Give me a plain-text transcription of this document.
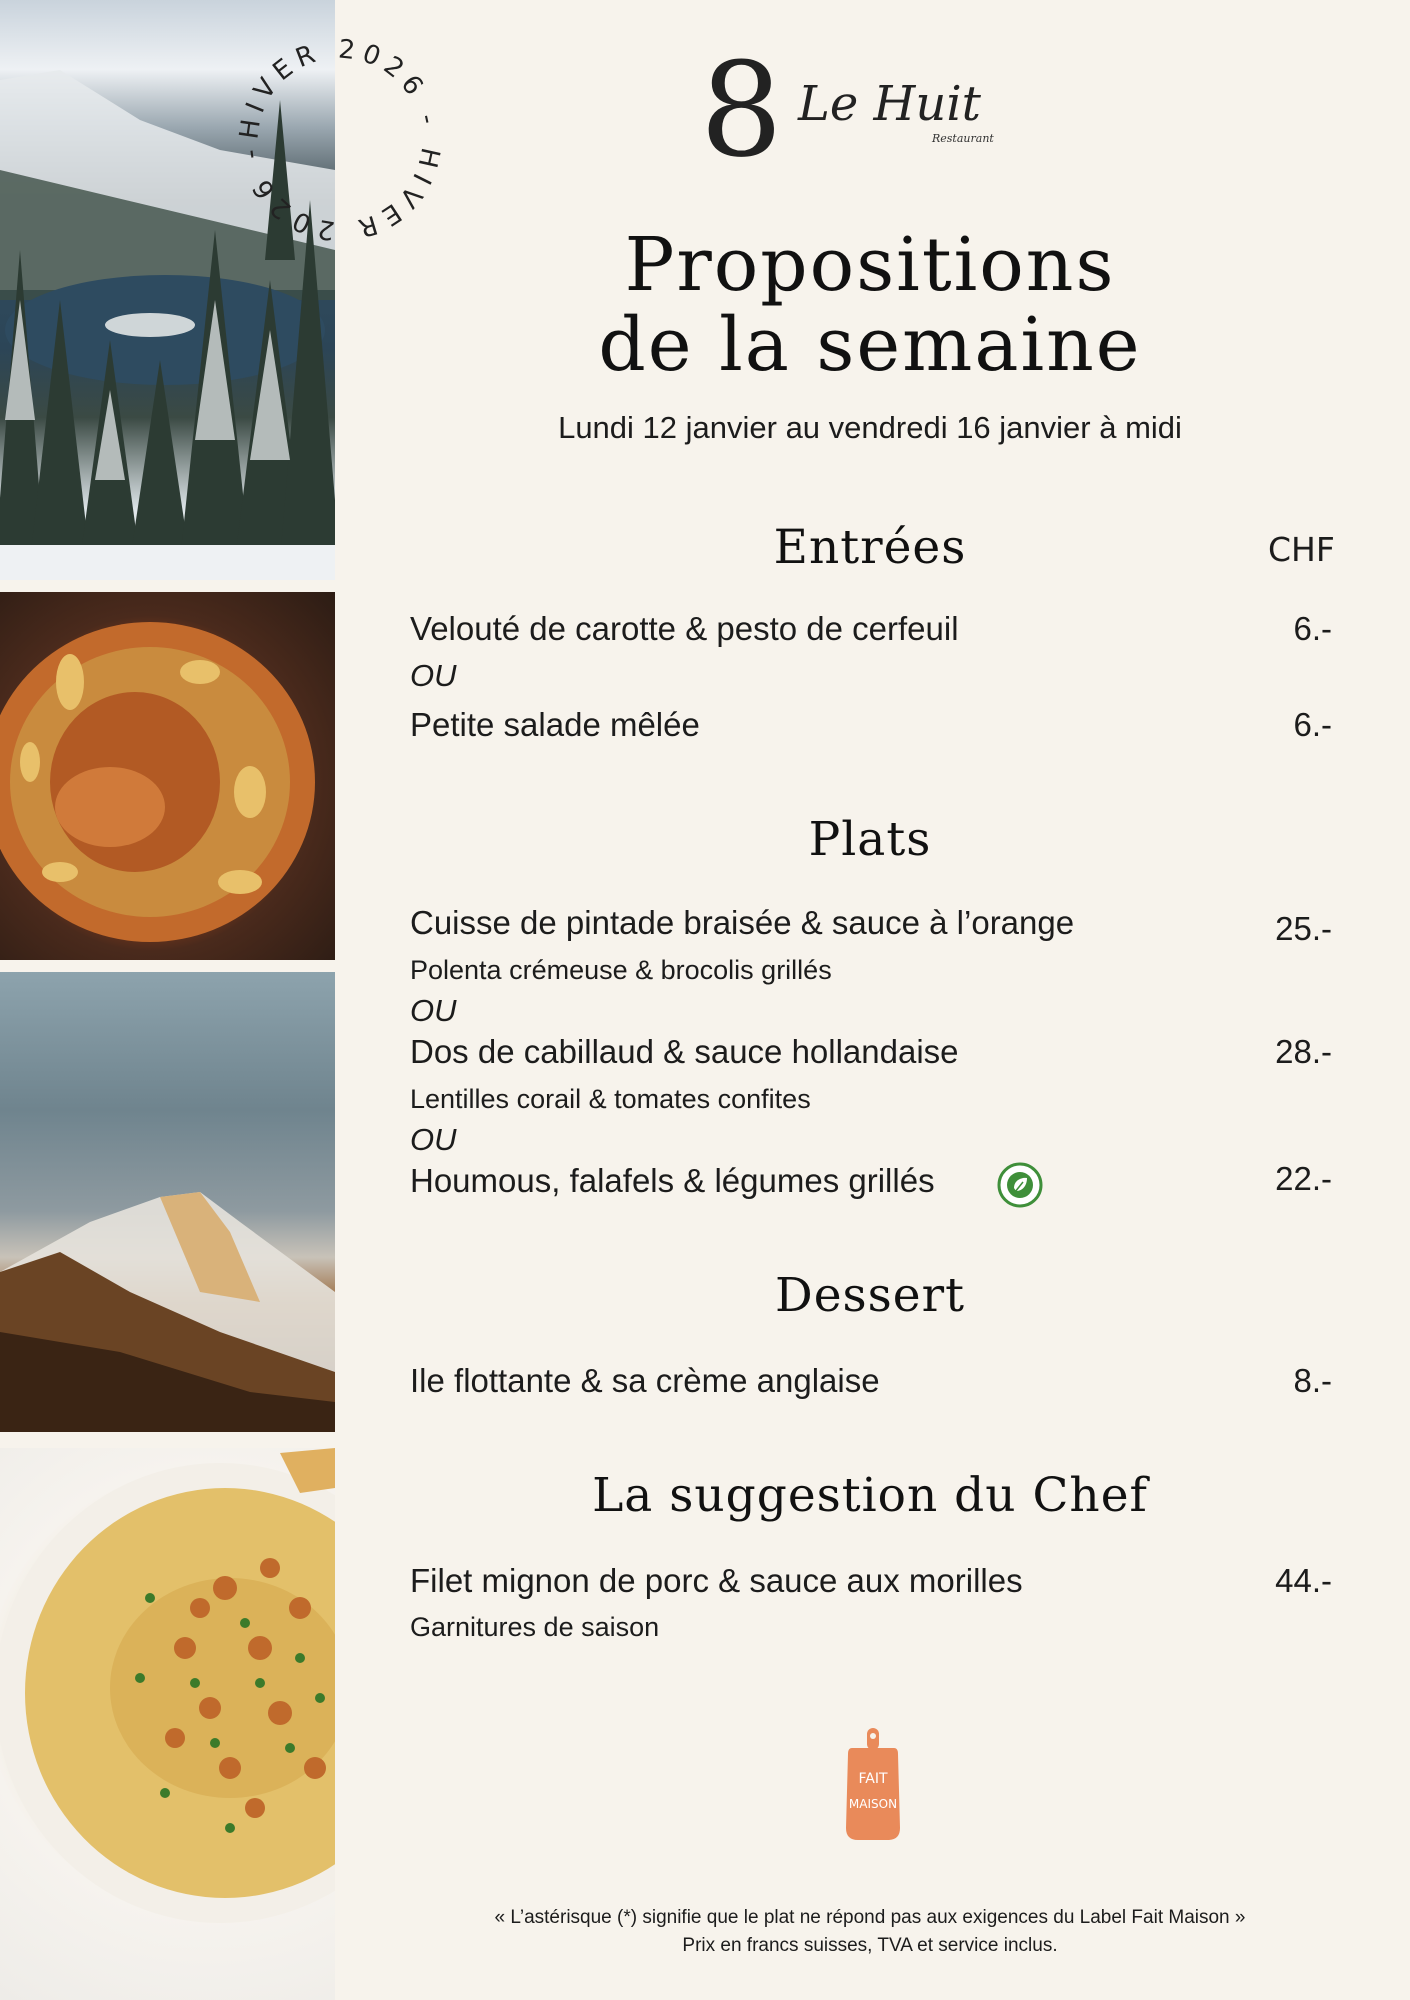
HIVER 2026 - HIVER 2026 -	8 Le Huit
Restaurant
Propositions
de la semaine
Lundi 12 janvier au vendredi 16 janvier à midi
Entrées	CHF
Velouté de carotte & pesto de cerfeuil	6.-
OU
Petite salade mêlée	6.-
Plats
Cuisse de pintade braisée & sauce à l’orange	25.-
Polenta crémeuse & brocolis grillés
OU
Dos de cabillaud & sauce hollandaise	28.-
Lentilles corail & tomates confites
OU
Houmous, falafels & légumes grillés	22.-
Dessert
Ile flottante & sa crème anglaise	8.-
La suggestion du Chef
Filet mignon de porc & sauce aux morilles	44.-
Garnitures de saison
FAIT
MAISON
« L’astérisque (*) signifie que le plat ne répond pas aux exigences du Label Fait Maison »
Prix en francs suisses, TVA et service inclus.
